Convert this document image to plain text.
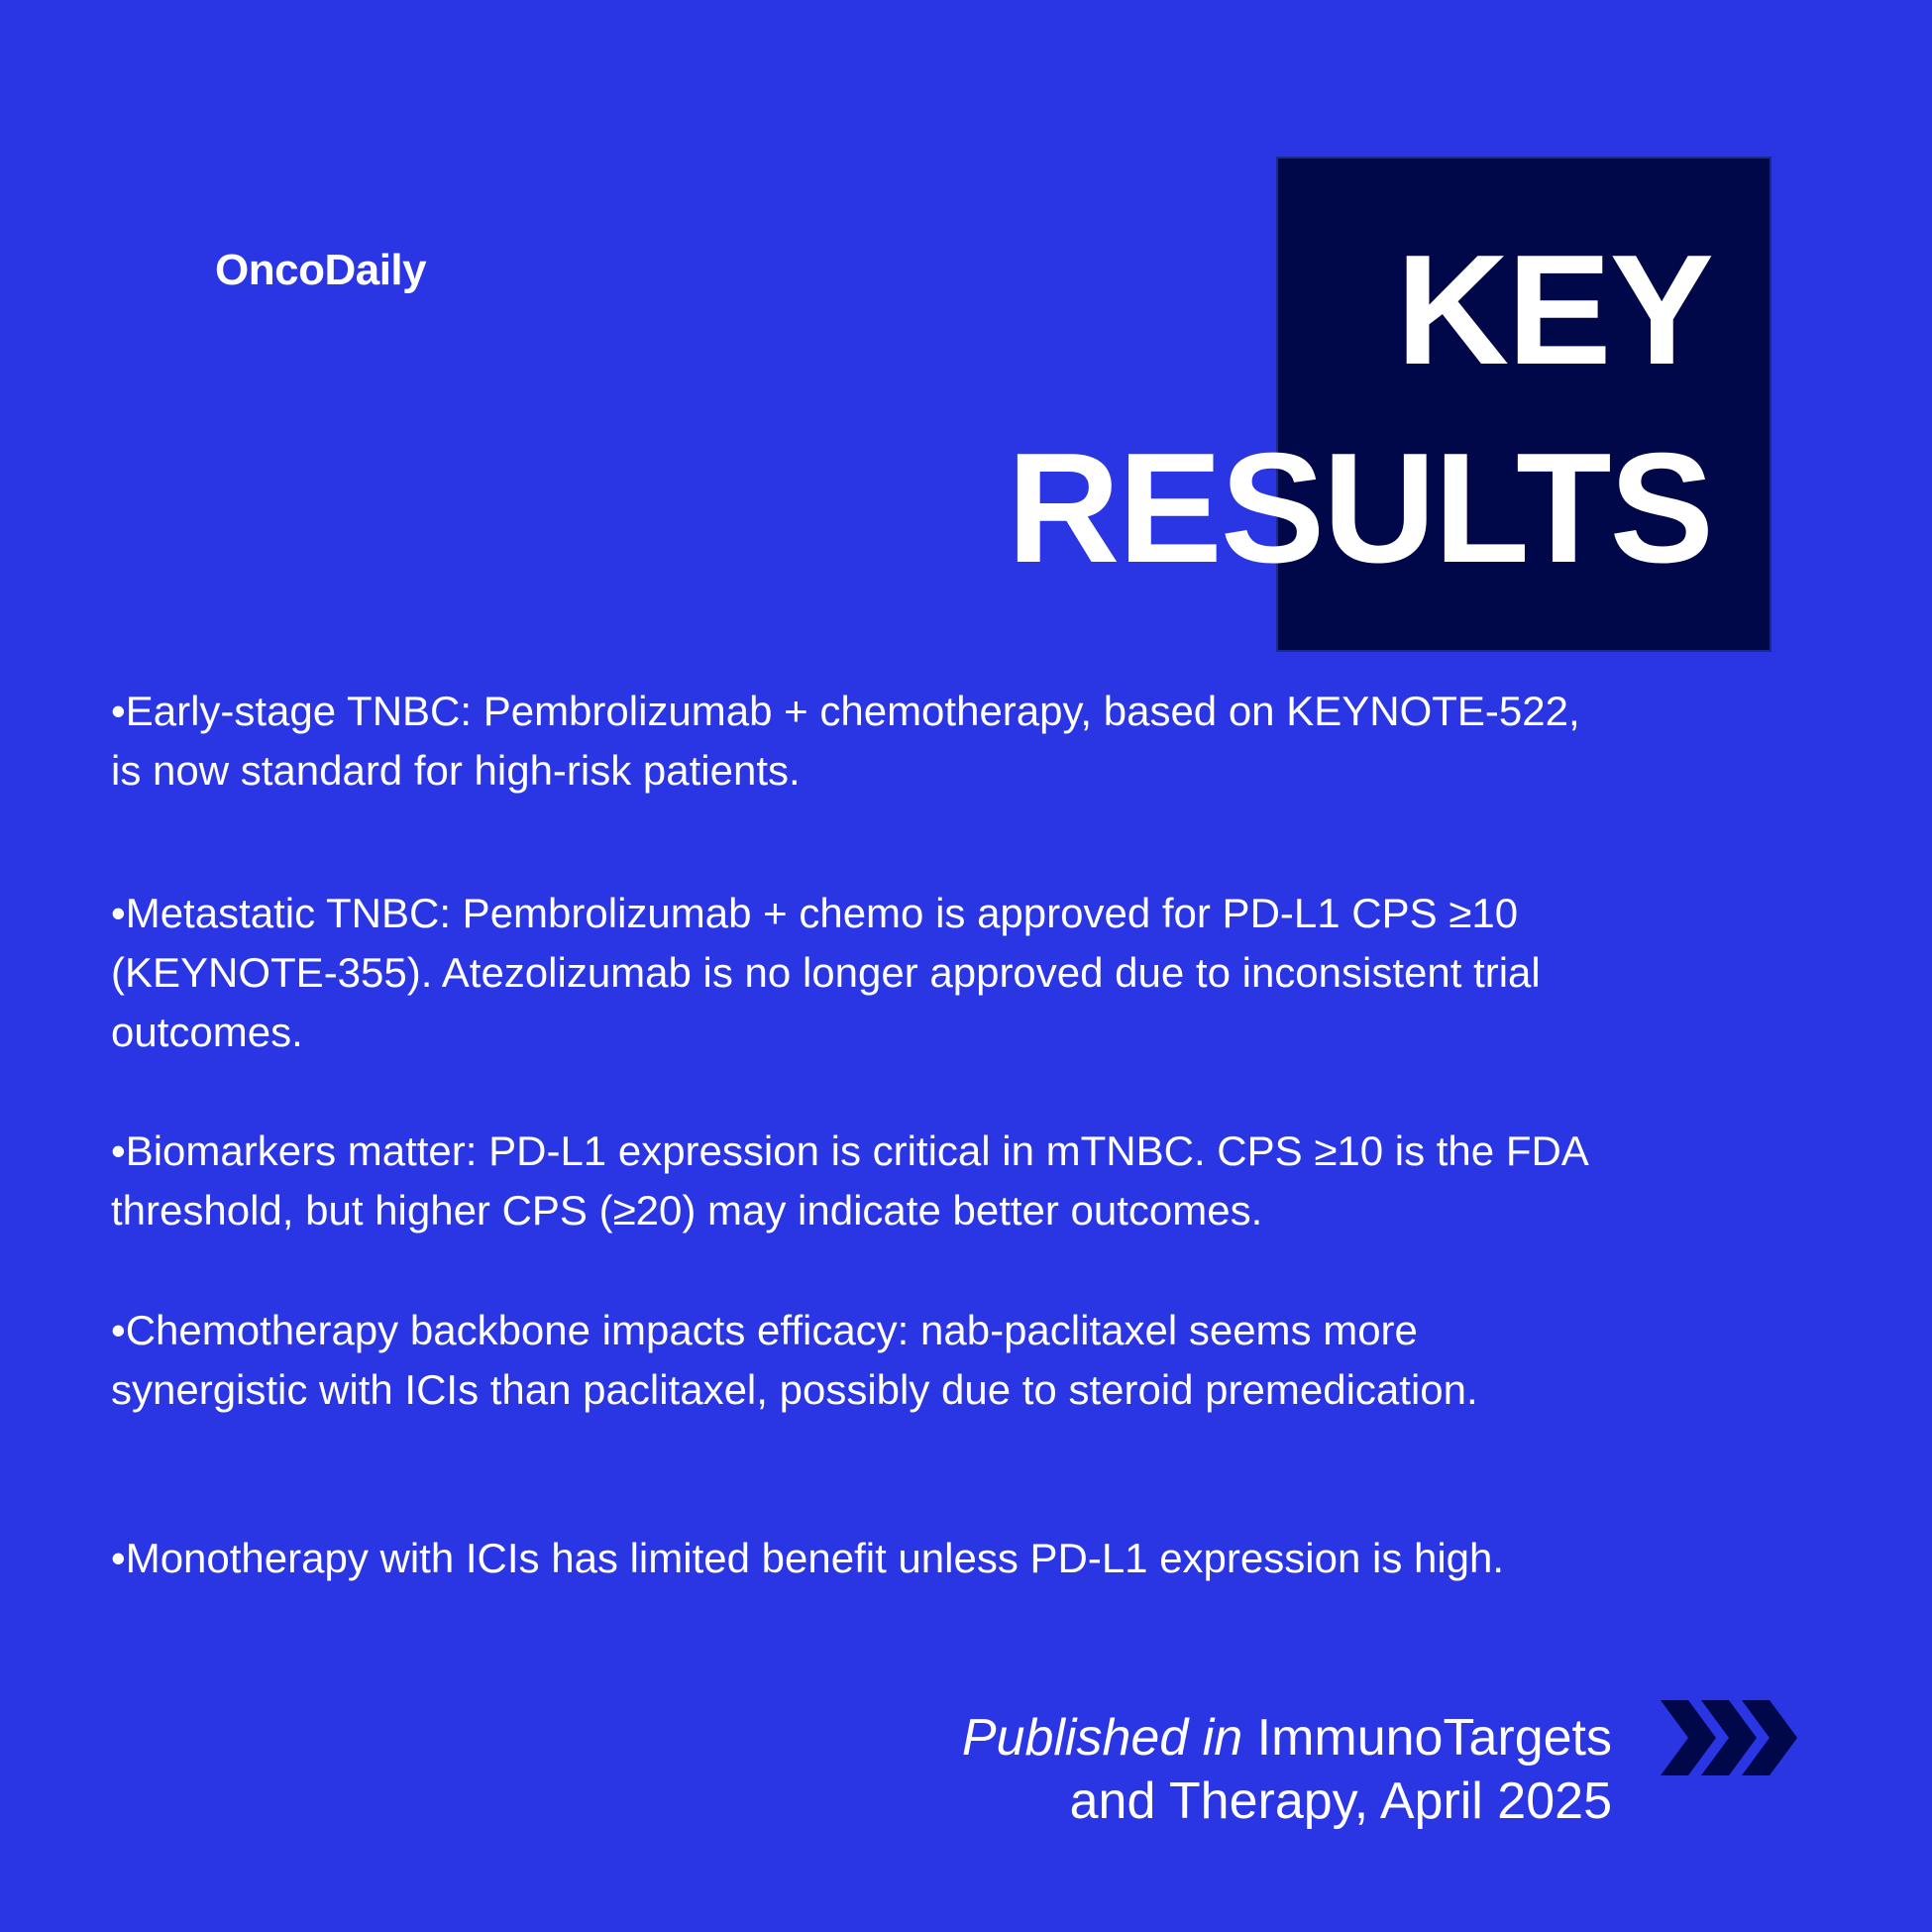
OncoDaily	KEY
RESULTS
•Early-stage TNBC: Pembrolizumab + chemotherapy, based on KEYNOTE-522, is now standard for high-risk patients.
•Metastatic TNBC: Pembrolizumab + chemo is approved for PD-L1 CPS ≥10 (KEYNOTE-355). Atezolizumab is no longer approved due to inconsistent trial outcomes.
•Biomarkers matter: PD-L1 expression is critical in mTNBC. CPS ≥10 is the FDA threshold, but higher CPS (≥20) may indicate better outcomes.
•Chemotherapy backbone impacts efficacy: nab-paclitaxel seems more synergistic with ICIs than paclitaxel, possibly due to steroid premedication.
•Monotherapy with ICIs has limited benefit unless PD-L1 expression is high.
Published in ImmunoTargets
and Therapy, April 2025
